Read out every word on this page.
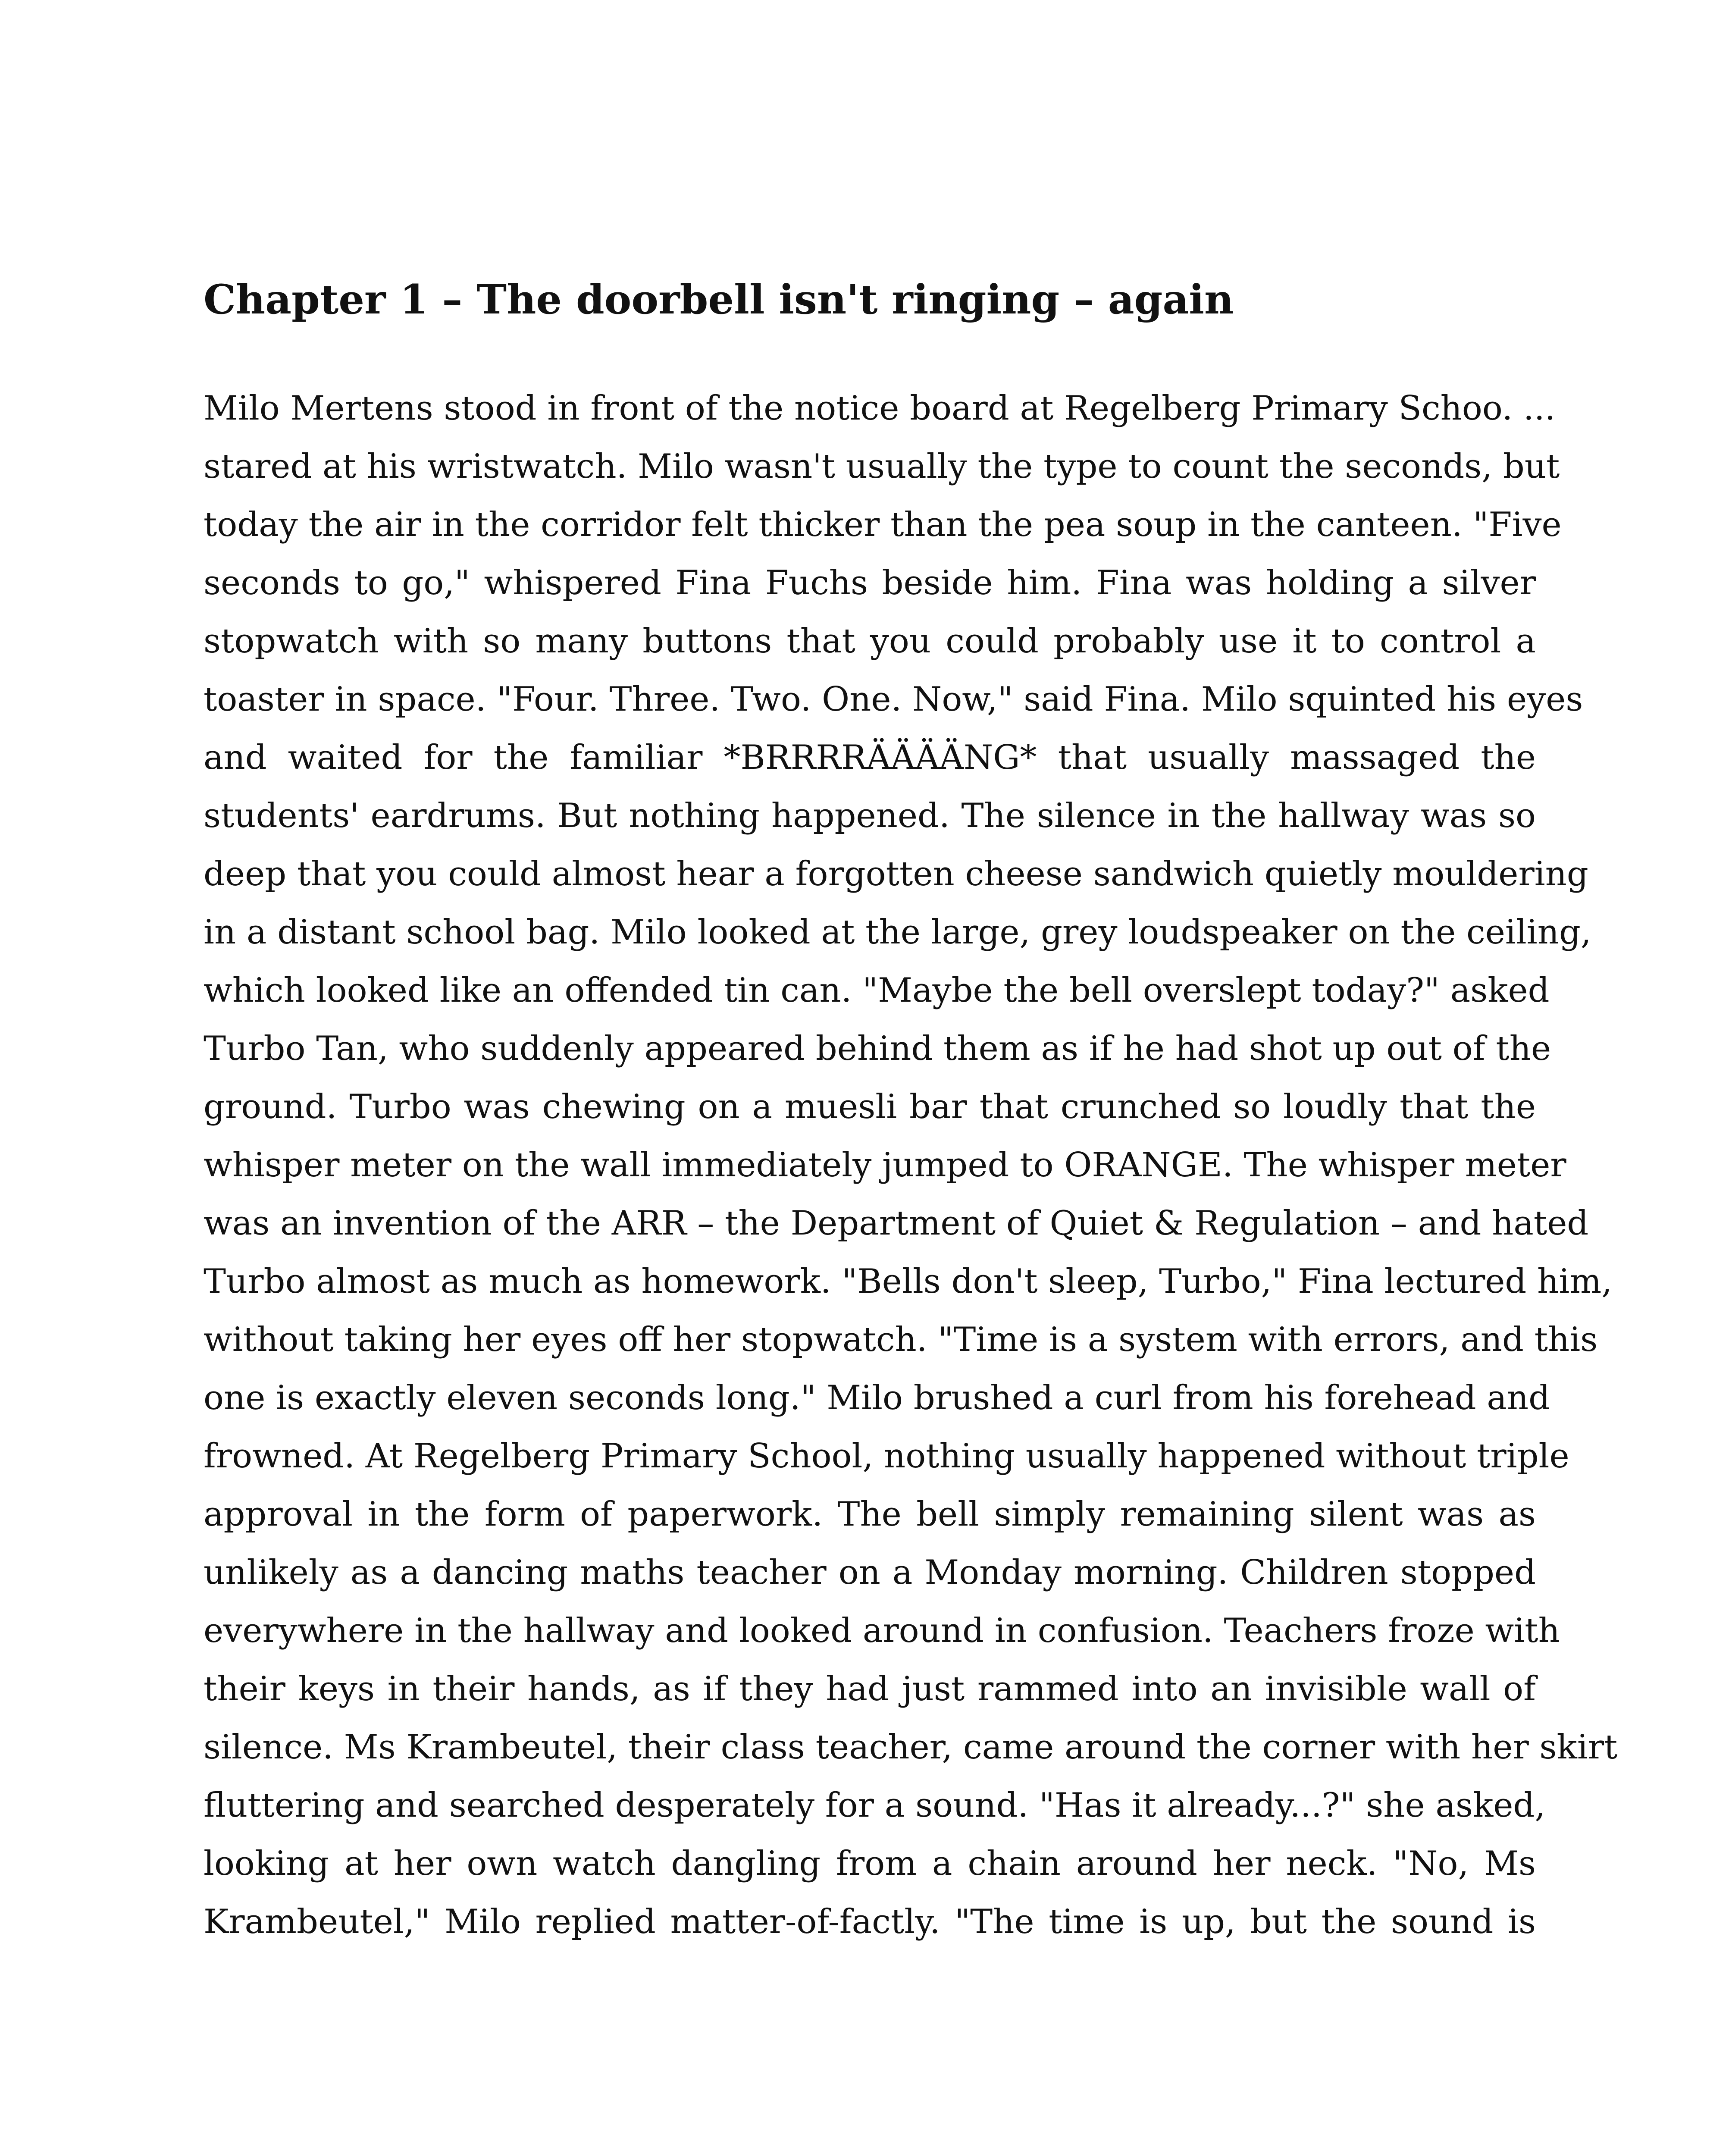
Chapter 1 – The doorbell isn't ringing – again
Milo Mertens stood in front of the notice board at Regelberg Primary Schoo. ...
stared at his wristwatch. Milo wasn't usually the type to count the seconds, but
today the air in the corridor felt thicker than the pea soup in the canteen. "Five
seconds to go," whispered Fina Fuchs beside him. Fina was holding a silver
stopwatch with so many buttons that you could probably use it to control a
toaster in space. "Four. Three. Two. One. Now," said Fina. Milo squinted his eyes
and waited for the familiar *BRRRRÄÄÄÄNG* that usually massaged the
students' eardrums. But nothing happened. The silence in the hallway was so
deep that you could almost hear a forgotten cheese sandwich quietly mouldering
in a distant school bag. Milo looked at the large, grey loudspeaker on the ceiling,
which looked like an offended tin can. "Maybe the bell overslept today?" asked
Turbo Tan, who suddenly appeared behind them as if he had shot up out of the
ground. Turbo was chewing on a muesli bar that crunched so loudly that the
whisper meter on the wall immediately jumped to ORANGE. The whisper meter
was an invention of the ARR – the Department of Quiet & Regulation – and hated
Turbo almost as much as homework. "Bells don't sleep, Turbo," Fina lectured him,
without taking her eyes off her stopwatch. "Time is a system with errors, and this
one is exactly eleven seconds long." Milo brushed a curl from his forehead and
frowned. At Regelberg Primary School, nothing usually happened without triple
approval in the form of paperwork. The bell simply remaining silent was as
unlikely as a dancing maths teacher on a Monday morning. Children stopped
everywhere in the hallway and looked around in confusion. Teachers froze with
their keys in their hands, as if they had just rammed into an invisible wall of
silence. Ms Krambeutel, their class teacher, came around the corner with her skirt
fluttering and searched desperately for a sound. "Has it already...?" she asked,
looking at her own watch dangling from a chain around her neck. "No, Ms
Krambeutel," Milo replied matter-of-factly. "The time is up, but the sound is
